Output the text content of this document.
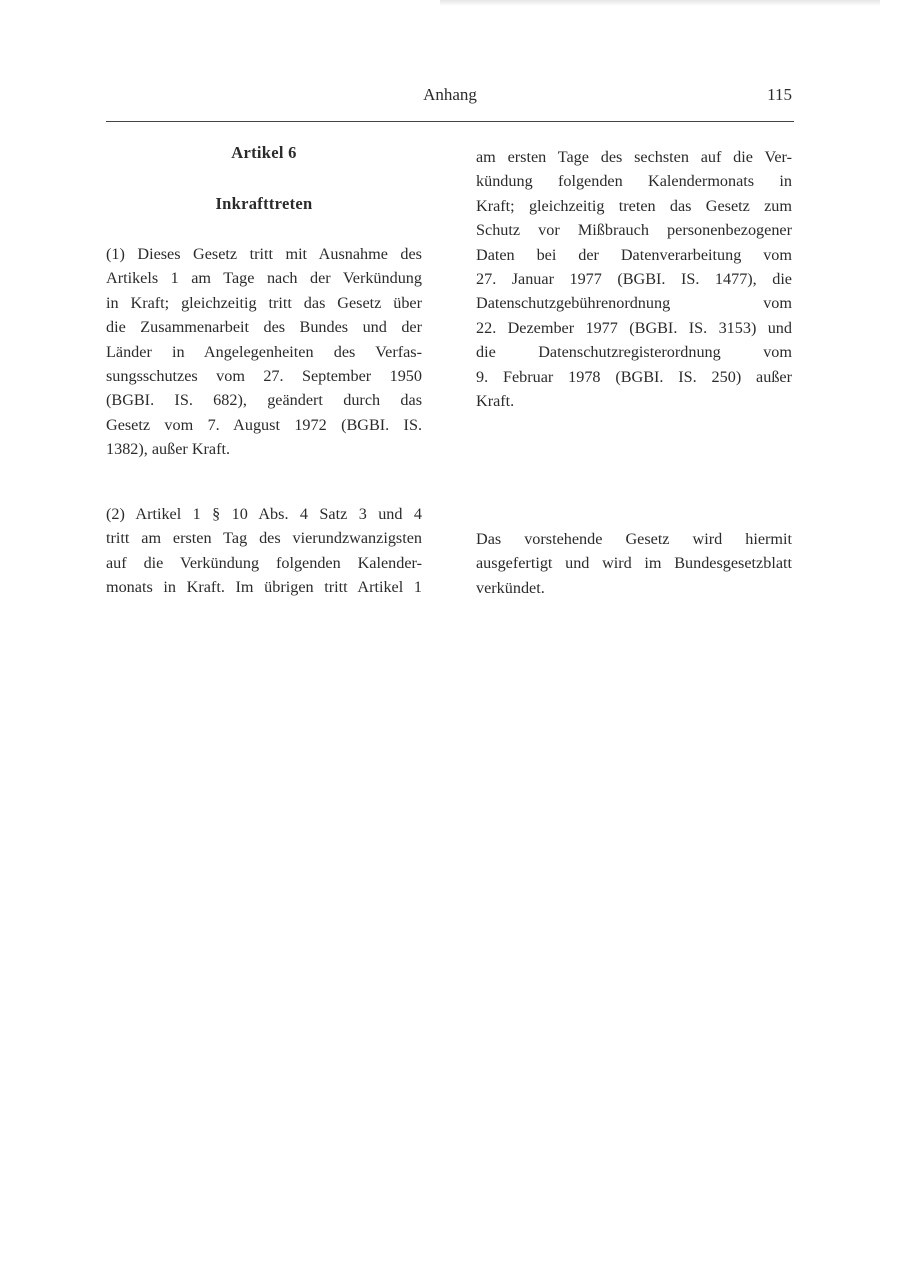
Anhang	115
Artikel 6
Inkrafttreten
(1) Dieses Gesetz tritt mit Ausnahme des
Artikels 1 am Tage nach der Verkündung
in Kraft; gleichzeitig tritt das Gesetz über
die Zusammenarbeit des Bundes und der
Länder in Angelegenheiten des Verfas-
sungsschutzes vom 27. September 1950
(BGBI. IS. 682), geändert durch das
Gesetz vom 7. August 1972 (BGBI. IS.
1382), außer Kraft.
(2) Artikel 1 § 10 Abs. 4 Satz 3 und 4
tritt am ersten Tag des vierundzwanzigsten
auf die Verkündung folgenden Kalender-
monats in Kraft. Im übrigen tritt Artikel 1
am ersten Tage des sechsten auf die Ver-
kündung folgenden Kalendermonats in
Kraft; gleichzeitig treten das Gesetz zum
Schutz vor Mißbrauch personenbezogener
Daten bei der Datenverarbeitung vom
27. Januar 1977 (BGBI. IS. 1477), die
Datenschutzgebührenordnung vom
22. Dezember 1977 (BGBI. IS. 3153) und
die Datenschutzregisterordnung vom
9. Februar 1978 (BGBI. IS. 250) außer
Kraft.
Das vorstehende Gesetz wird hiermit
ausgefertigt und wird im Bundesgesetzblatt
verkündet.
